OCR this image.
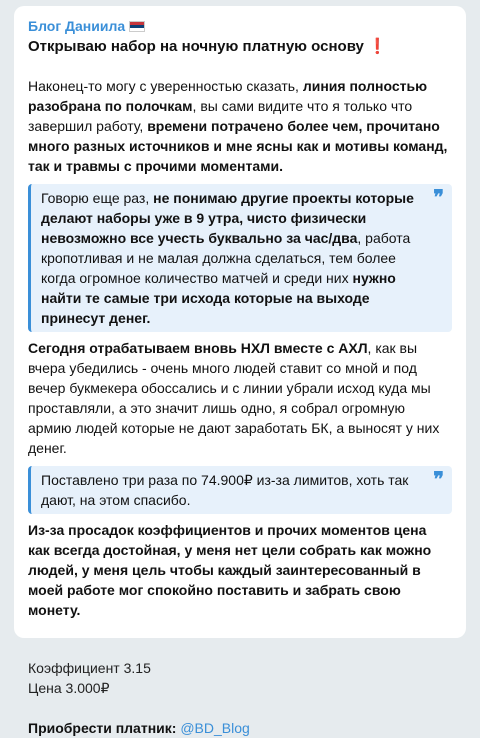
Блог Даниила
Открываю набор на ночную платную основу ❗

Наконец-то могу с уверенностью сказать, линия полностью разобрана по полочкам, вы сами видите что я только что завершил работу, времени потрачено более чем, прочитано много разных источников и мне ясны как и мотивы команд, так и травмы с прочими моментами.

❞
Говорю еще раз, не понимаю другие проекты которые делают наборы уже в 9 утра, чисто физически невозможно все учесть буквально за час/два, работа кропотливая и не малая должна сделаться, тем более когда огромное количество матчей и среди них нужно найти те самые три исхода которые на выходе принесут денег.

Сегодня отрабатываем вновь НХЛ вместе с АХЛ, как вы вчера убедились - очень много людей ставит со мной и под вечер букмекера обоссались и с линии убрали исход куда мы проставляли, а это значит лишь одно, я собрал огромную армию людей которые не дают заработать БК, а выносят у них денег.

❞
Поставлено три раза по 74.900₽ из-за лимитов, хоть так дают, на этом спасибо.

Из-за просадок коэффициентов и прочих моментов цена как всегда достойная, у меня нет цели собрать как можно людей, у меня цель чтобы каждый заинтересованный в моей работе мог спокойно поставить и забрать свою монету.

Коэффициент 3.15

Цена 3.000₽

Приобрести платник: @BD_Blog
